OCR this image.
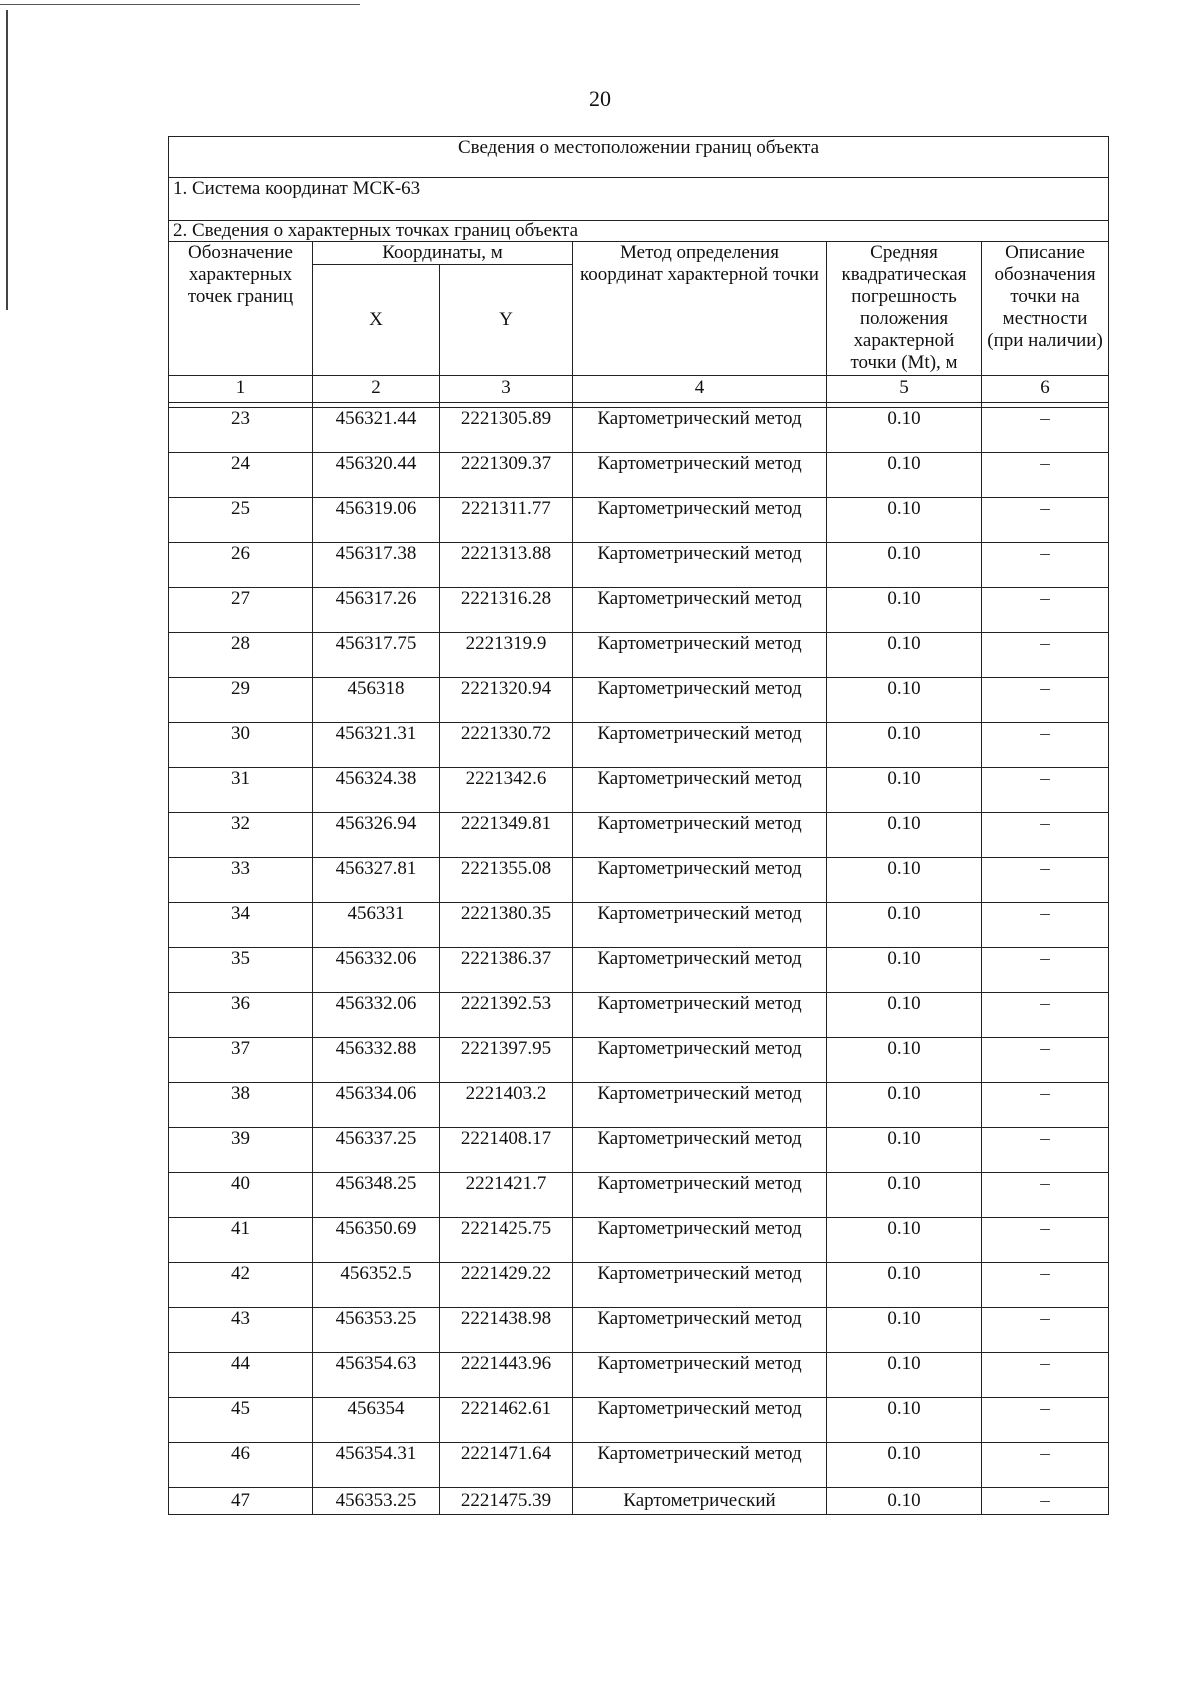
20
Сведения о местоположении границ объекта					
1. Система координат МСК-63					
2. Сведения о характерных точках границ объекта					
Обозначение характерных точек границ	Координаты, м		Метод определения координат характерной точки	Средняя квадратическая погрешность положения характерной точки (Mt), м	Описание обозначения точки на местности (при наличии)
	X	Y			
1	2	3	4	5	6

23	456321.44	2221305.89	Картометрический метод	0.10	–
24	456320.44	2221309.37	Картометрический метод	0.10	–
25	456319.06	2221311.77	Картометрический метод	0.10	–
26	456317.38	2221313.88	Картометрический метод	0.10	–
27	456317.26	2221316.28	Картометрический метод	0.10	–
28	456317.75	2221319.9	Картометрический метод	0.10	–
29	456318	2221320.94	Картометрический метод	0.10	–
30	456321.31	2221330.72	Картометрический метод	0.10	–
31	456324.38	2221342.6	Картометрический метод	0.10	–
32	456326.94	2221349.81	Картометрический метод	0.10	–
33	456327.81	2221355.08	Картометрический метод	0.10	–
34	456331	2221380.35	Картометрический метод	0.10	–
35	456332.06	2221386.37	Картометрический метод	0.10	–
36	456332.06	2221392.53	Картометрический метод	0.10	–
37	456332.88	2221397.95	Картометрический метод	0.10	–
38	456334.06	2221403.2	Картометрический метод	0.10	–
39	456337.25	2221408.17	Картометрический метод	0.10	–
40	456348.25	2221421.7	Картометрический метод	0.10	–
41	456350.69	2221425.75	Картометрический метод	0.10	–
42	456352.5	2221429.22	Картометрический метод	0.10	–
43	456353.25	2221438.98	Картометрический метод	0.10	–
44	456354.63	2221443.96	Картометрический метод	0.10	–
45	456354	2221462.61	Картометрический метод	0.10	–
46	456354.31	2221471.64	Картометрический метод	0.10	–
47	456353.25	2221475.39	Картометрический	0.10	–
